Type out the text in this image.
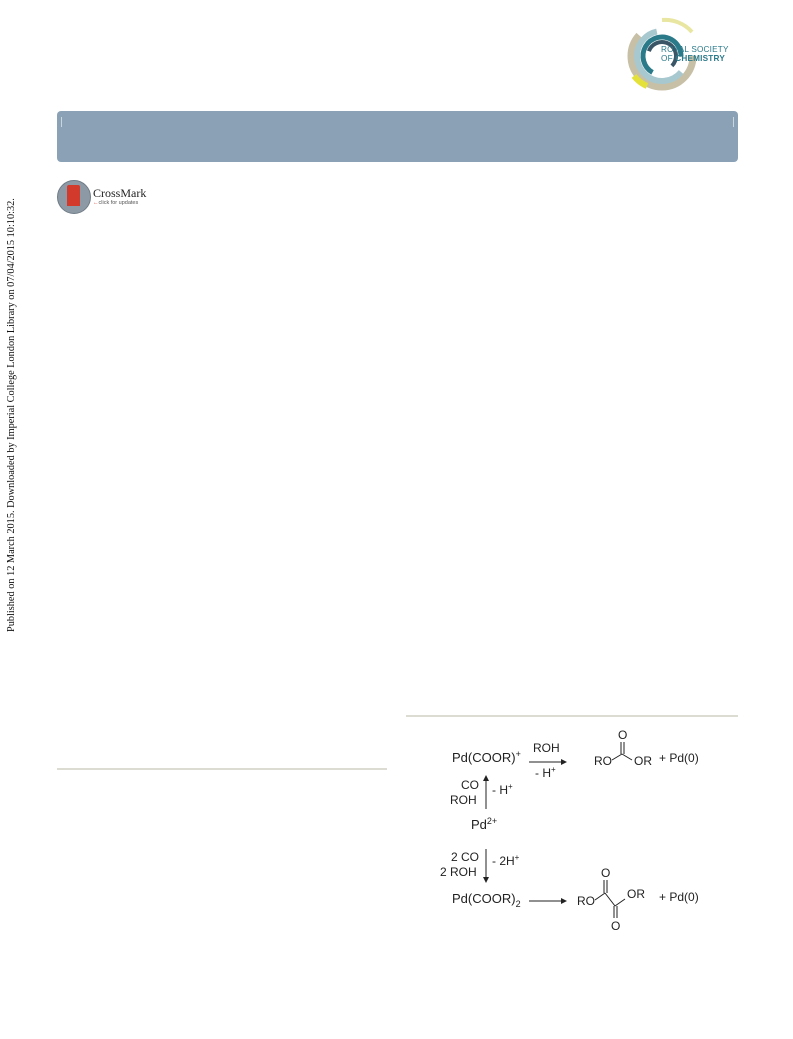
ROYAL SOCIETY
OF CHEMISTRY
CrossMark
←click for updates
Published on 12 March 2015. Downloaded by Imperial College London Library on 07/04/2015 10:10:32.
Pd(COOR)+ ROH
- H+
RO
O
OR + Pd(0)
CO
ROH
- H+
$Pd^{2+}$
2 CO
2 ROH
- 2H+
$Pd(COOR)_2$	RO
O
O
OR + Pd(0)
